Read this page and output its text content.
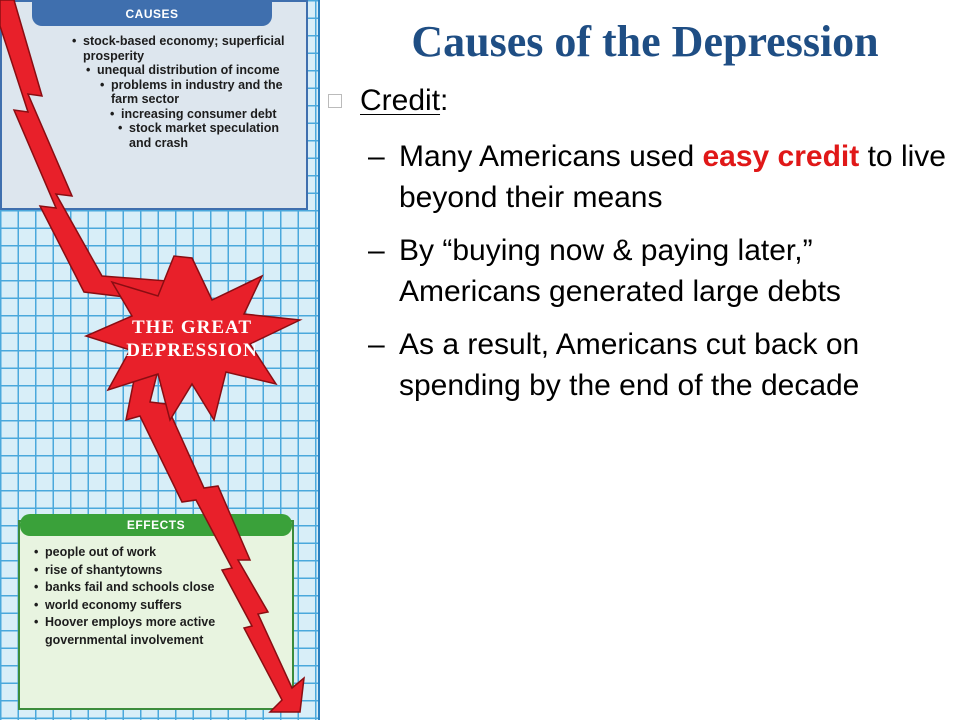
CAUSES
• stock-based economy; superficial prosperity
• unequal distribution of income
• problems in industry and the farm sector
• increasing consumer debt
• stock market speculation and crash
EFFECTS
• people out of work
• rise of shantytowns
• banks fail and schools close
• world economy suffers
• Hoover employs more active governmental involvement
THE GREAT
DEPRESSION
Causes of the Depression
Credit:
– Many Americans used easy credit to live beyond their means
– By “buying now & paying later,” Americans generated large debts
– As a result, Americans cut back on spending by the end of the decade
